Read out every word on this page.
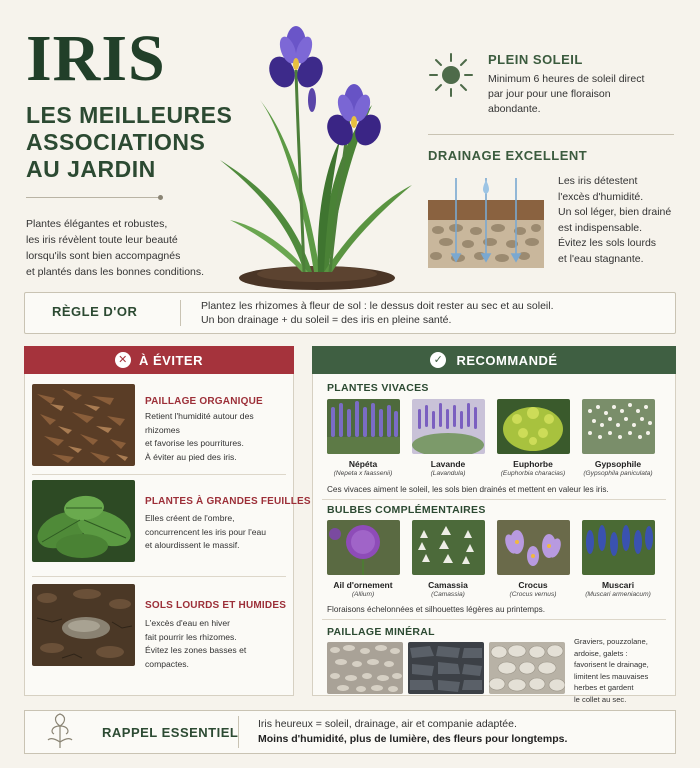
IRIS
LES MEILLEURES
ASSOCIATIONS
AU JARDIN
Plantes élégantes et robustes,
les iris révèlent toute leur beauté
lorsqu'ils sont bien accompagnés
et plantés dans les bonnes conditions.
PLEIN SOLEIL
Minimum 6 heures de soleil direct
par jour pour une floraison
abondante.
DRAINAGE EXCELLENT
Les iris détestent
l'excès d'humidité.
Un sol léger, bien drainé
est indispensable.
Évitez les sols lourds
et l'eau stagnante.
RÈGLE D'OR	Plantez les rhizomes à fleur de sol : le dessus doit rester au sec et au soleil.
Un bon drainage + du soleil = des iris en pleine santé.
✕ À ÉVITER
PAILLAGE ORGANIQUE
Retient l'humidité autour des rhizomes
et favorise les pourritures.
À éviter au pied des iris.
PLANTES À GRANDES FEUILLES
Elles créent de l'ombre,
concurrencent les iris pour l'eau
et alourdissent le massif.
SOLS LOURDS ET HUMIDES
L'excès d'eau en hiver
fait pourrir les rhizomes.
Évitez les zones basses et compactes.
✓ RECOMMANDÉ
PLANTES VIVACES
Népéta
(Nepeta x faassenii)
Lavande
(Lavandula)
Euphorbe
(Euphorbia characias)
Gypsophile
(Gypsophila paniculata)
Ces vivaces aiment le soleil, les sols bien drainés et mettent en valeur les iris.
BULBES COMPLÉMENTAIRES
Ail d'ornement
(Allium)
Camassia
(Camassia)
Crocus
(Crocus vernus)
Muscari
(Muscari armeniacum)
Floraisons échelonnées et silhouettes légères au printemps.
PAILLAGE MINÉRAL
Graviers, pouzzolane,
ardoise, galets :
favorisent le drainage,
limitent les mauvaises
herbes et gardent
le collet au sec.
RAPPEL ESSENTIEL
Iris heureux = soleil, drainage, air et companie adaptée.
Moins d'humidité, plus de lumière, des fleurs pour longtemps.
